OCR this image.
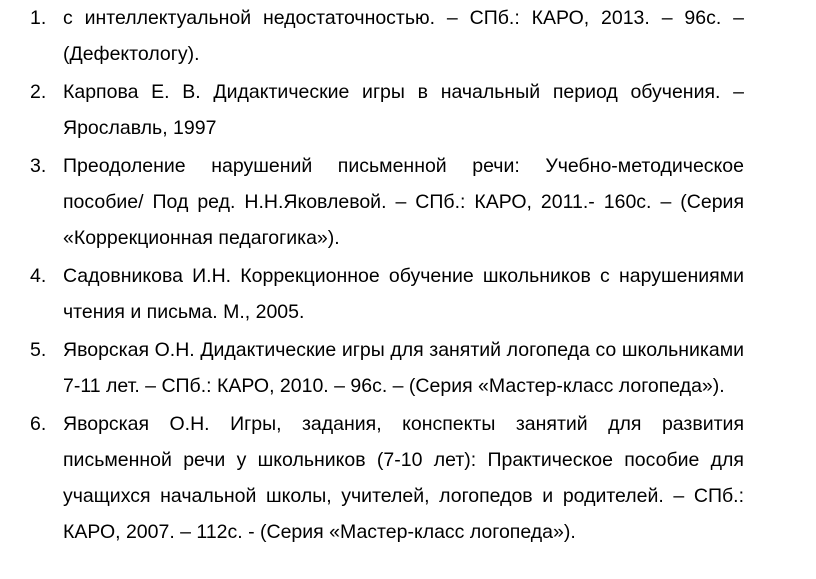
1. с интеллектуальной недостаточностью. – СПб.: КАРО, 2013. – 96с. – (Дефектологу).
2. Карпова Е. В. Дидактические игры в начальный период обучения. – Ярославль, 1997
3. Преодоление нарушений письменной речи: Учебно-методическое пособие/ Под ред. Н.Н.Яковлевой. – СПб.: КАРО, 2011.- 160с. – (Серия «Коррекционная педагогика»).
4. Садовникова И.Н. Коррекционное обучение школьников с нарушениями чтения и письма. М., 2005.
5. Яворская О.Н. Дидактические игры для занятий логопеда со школьниками 7-11 лет. – СПб.: КАРО, 2010. – 96с. – (Серия «Мастер-класс логопеда»).
6. Яворская О.Н. Игры, задания, конспекты занятий для развития письменной речи у школьников (7-10 лет): Практическое пособие для учащихся начальной школы, учителей, логопедов и родителей. – СПб.: КАРО, 2007. – 112с. - (Серия «Мастер-класс логопеда»).
